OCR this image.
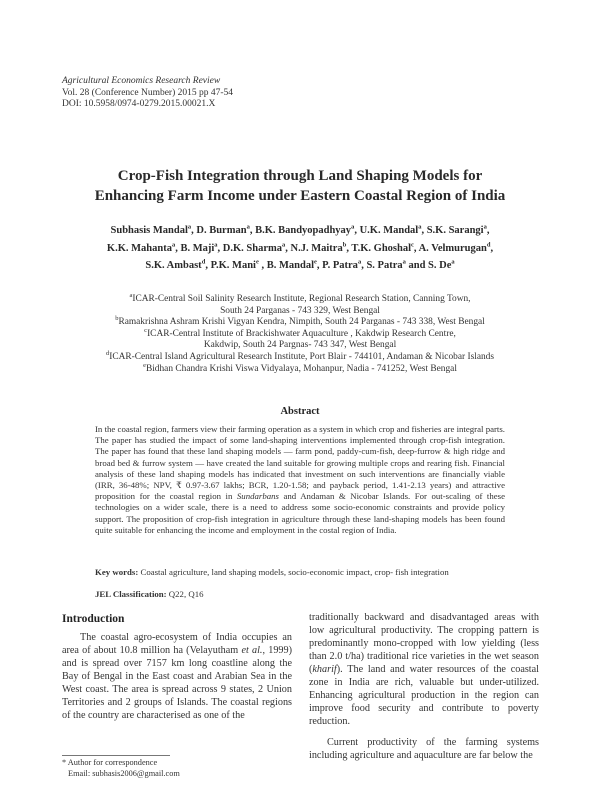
Agricultural Economics Research Review
Vol. 28 (Conference Number) 2015 pp 47-54
DOI: 10.5958/0974-0279.2015.00021.X
Crop-Fish Integration through Land Shaping Models for
Enhancing Farm Income under Eastern Coastal Region of India
Subhasis Mandal$^a$, D. Burman$^a$, B.K. Bandyopadhyay$^a$, U.K. Mandal$^a$, S.K. Sarangi$^a$,
K.K. Mahanta$^a$, B. Maji$^a$, D.K. Sharma$^a$, N.J. Maitra$^b$, T.K. Ghoshal$^c$, A. Velmurugan$^d$,
S.K. Ambast$^d$, P.K. Mani$^e$ , B. Mandal$^e$, P. Patra$^a$, S. Patra$^a$ and S. De$^a$
$^a$ICAR-Central Soil Salinity Research Institute, Regional Research Station, Canning Town,
South 24 Parganas - 743 329, West Bengal
$^b$Ramakrishna Ashram Krishi Vigyan Kendra, Nimpith, South 24 Parganas - 743 338, West Bengal
$^c$ICAR-Central Institute of Brackishwater Aquaculture , Kakdwip Research Centre,
Kakdwip, South 24 Pargnas- 743 347, West Bengal
$^d$ICAR-Central Island Agricultural Research Institute, Port Blair - 744101, Andaman & Nicobar Islands
$^e$Bidhan Chandra Krishi Viswa Vidyalaya, Mohanpur, Nadia - 741252, West Bengal
Abstract
In the coastal region, farmers view their farming operation as a system in which crop and fisheries are integral parts. The paper has studied the impact of some land-shaping interventions implemented through crop-fish integration. The paper has found that these land shaping models — farm pond, paddy-cum-fish, deep-furrow & high ridge and broad bed & furrow system — have created the land suitable for growing multiple crops and rearing fish. Financial analysis of these land shaping models has indicated that investment on such interventions are financially viable (IRR, 36-48%; NPV, ₹ 0.97-3.67 lakhs; BCR, 1.20-1.58; and payback period, 1.41-2.13 years) and attractive proposition for the coastal region in Sundarbans and Andaman & Nicobar Islands. For out-scaling of these technologies on a wider scale, there is a need to address some socio-economic constraints and provide policy support. The proposition of crop-fish integration in agriculture through these land-shaping models has been found quite suitable for enhancing the income and employment in the costal region of India.
Key words: Coastal agriculture, land shaping models, socio-economic impact, crop- fish integration
JEL Classification: Q22, Q16
Introduction

The coastal agro-ecosystem of India occupies an area of about 10.8 million ha (Velayutham et al., 1999) and is spread over 7157 km long coastline along the Bay of Bengal in the East coast and Arabian Sea in the West coast. The area is spread across 9 states, 2 Union Territories and 2 groups of Islands. The coastal regions of the country are characterised as one of the

traditionally backward and disadvantaged areas with low agricultural productivity. The cropping pattern is predominantly mono-cropped with low yielding (less than 2.0 t/ha) traditional rice varieties in the wet season (kharif). The land and water resources of the coastal zone in India are rich, valuable but under-utilized. Enhancing agricultural production in the region can improve food security and contribute to poverty reduction.

Current productivity of the farming systems including agriculture and aquaculture are far below the

* Author for correspondence
Email: subhasis2006@gmail.com
